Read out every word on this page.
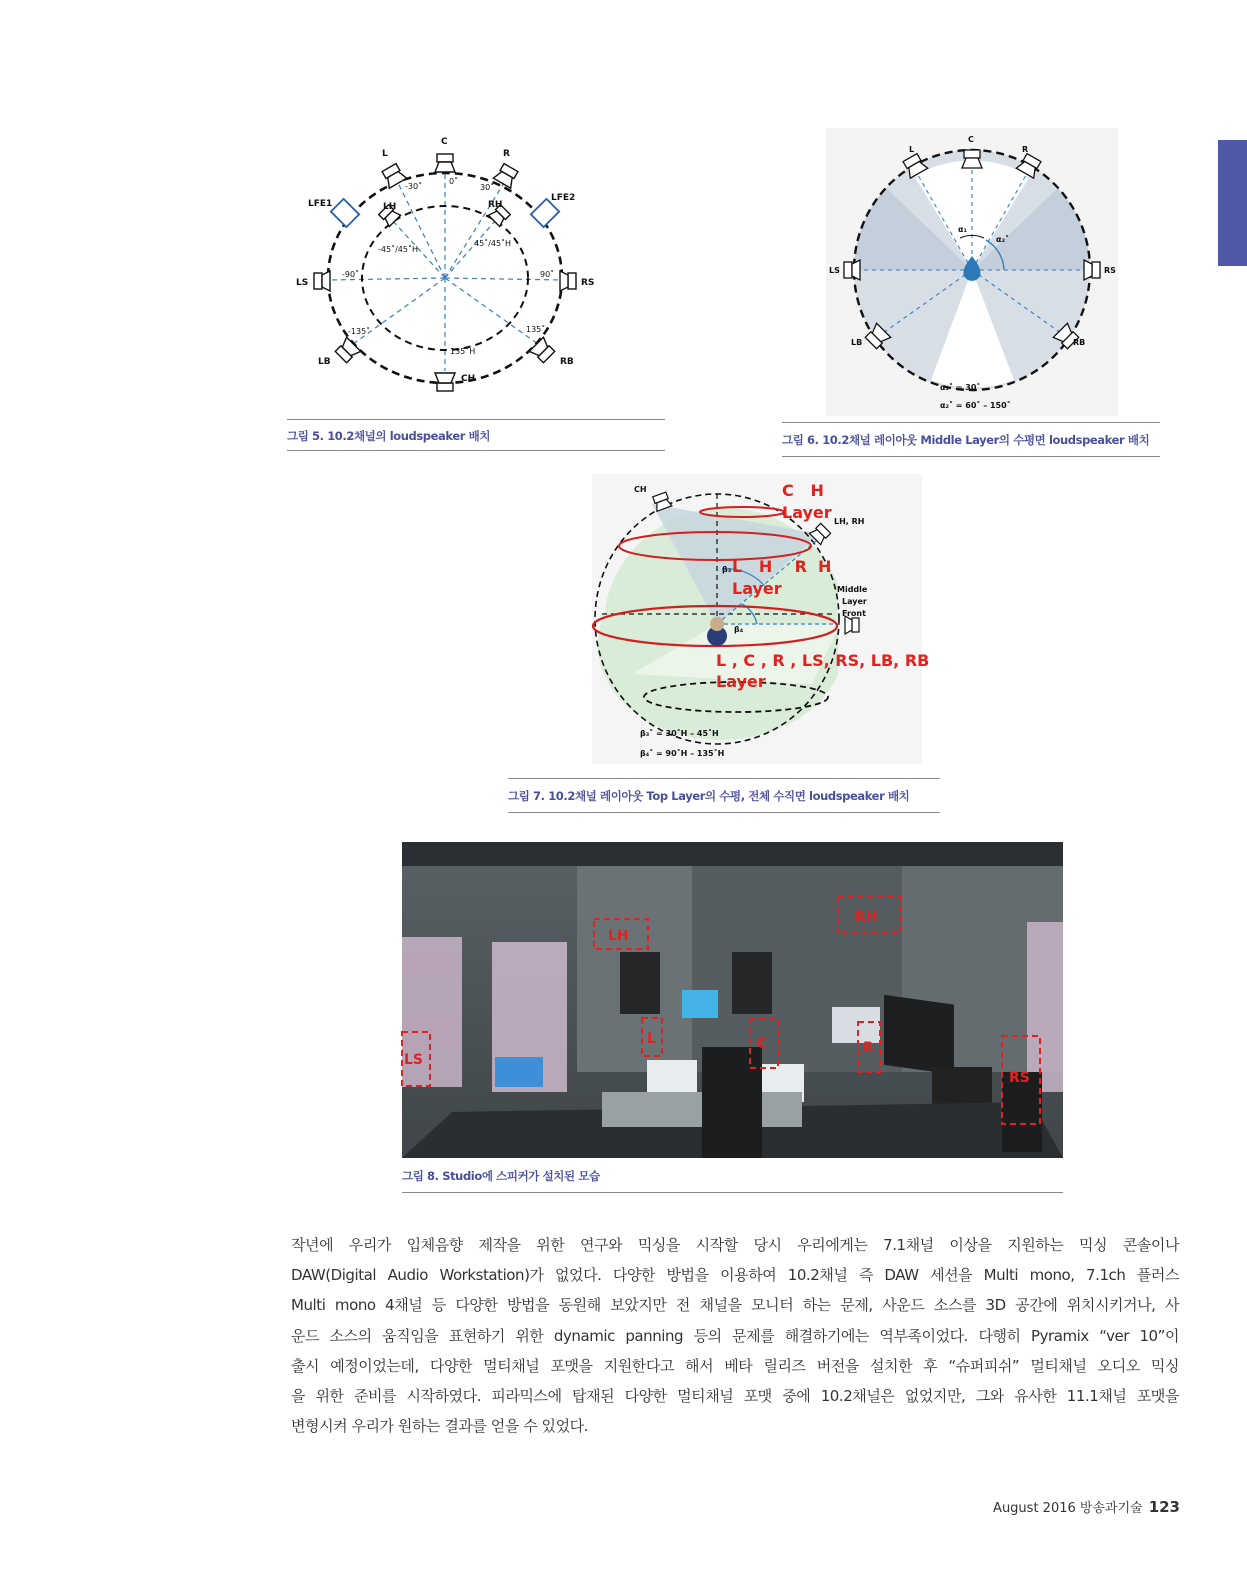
C
L	R
LFE1
LFE2
LH	RH
LS	RS
LB	RB
CH
-30˚
0˚
30˚
-45˚/45˚H
45˚/45˚H
-90˚	90˚
-135˚	135˚
135˚H
그림 5. 10.2채널의 loudspeaker 배치
C
L	R
LS	RS
LB	RB
α₁
α₂˚
α₁˚ = 30˚
α₂˚ = 60˚ – 150˚
그림 6. 10.2채널 레이아웃 Middle Layer의 수평면 loudspeaker 배치
CH
LH, RH
Middle
Layer
Front
β₃
β₄
β₃˚ = 30˚H – 45˚H
β₄˚ = 90˚H – 135˚H
C   H
Layer
L   H    R  H
Layer
L , C , R , LS, RS, LB, RB
Layer
그림 7. 10.2채널 레이아웃 Top Layer의 수평, 전체 수직면 loudspeaker 배치
LH
RH
LS
L	C	R
RS
그림 8. Studio에 스피커가 설치된 모습

작년에 우리가 입체음향 제작을 위한 연구와 믹싱을 시작할 당시 우리에게는 7.1채널 이상을 지원하는 믹싱 콘솔이나

DAW(Digital Audio Workstation)가 없었다. 다양한 방법을 이용하여 10.2채널 즉 DAW 세션을 Multi mono, 7.1ch 플러스

Multi mono 4채널 등 다양한 방법을 동원해 보았지만 전 채널을 모니터 하는 문제, 사운드 소스를 3D 공간에 위치시키거나, 사

운드 소스의 움직임을 표현하기 위한 dynamic panning 등의 문제를 해결하기에는 역부족이었다. 다행히 Pyramix “ver 10”이

출시 예정이었는데, 다양한 멀티채널 포맷을 지원한다고 해서 베타 릴리즈 버전을 설치한 후 “슈퍼피쉬” 멀티채널 오디오 믹싱

을 위한 준비를 시작하였다. 피라믹스에 탑재된 다양한 멀티채널 포맷 중에 10.2채널은 없었지만, 그와 유사한 11.1채널 포맷을

변형시켜 우리가 원하는 결과를 얻을 수 있었다.

August 2016 방송과기술 123
